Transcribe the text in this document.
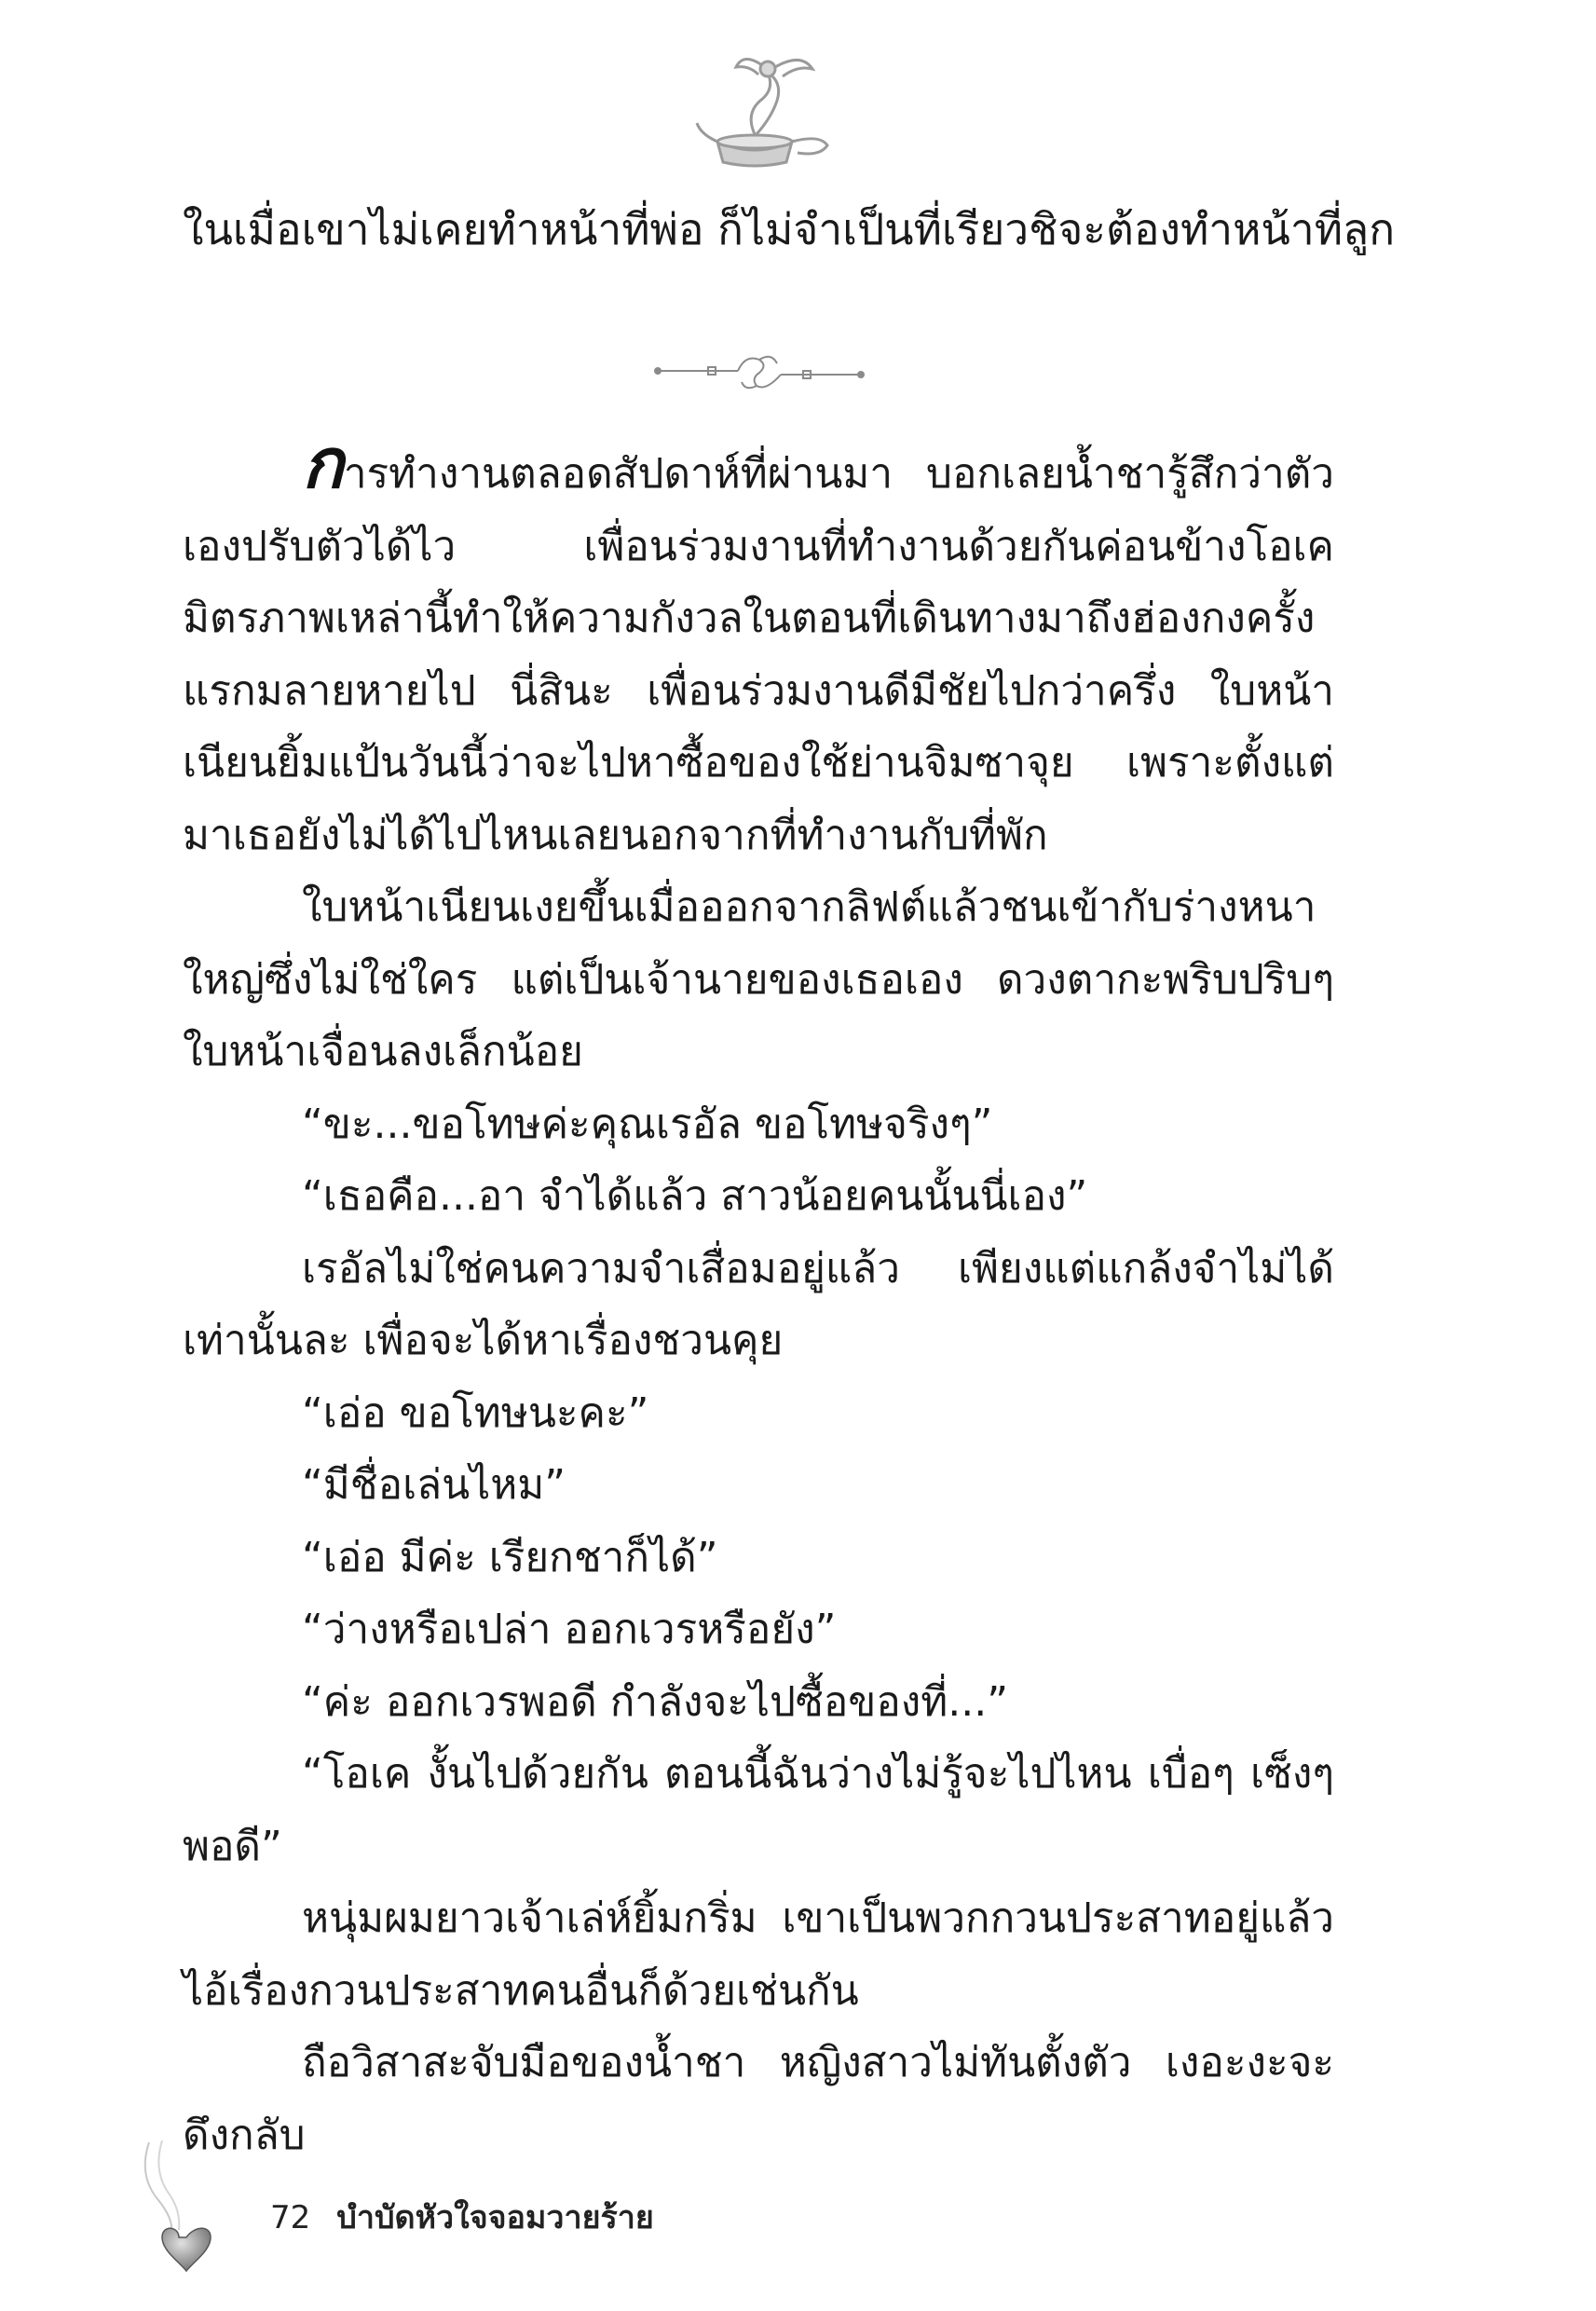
ในเมื่อเขาไม่เคยทำหน้าที่พ่อ ก็ไม่จำเป็นที่เรียวชิจะต้องทำหน้าที่ลูก

การทำงานตลอดสัปดาห์ที่ผ่านมา บอกเลยน้ำชารู้สึกว่าตัวเองปรับตัวได้ไว เพื่อนร่วมงานที่ทำงานด้วยกันค่อนข้างโอเค มิตรภาพเหล่านี้ทำให้ความกังวลในตอนที่เดินทางมาถึงฮ่องกงครั้งแรกมลายหายไป นี่สินะ เพื่อนร่วมงานดีมีชัยไปกว่าครึ่ง ใบหน้าเนียนยิ้มแป้นวันนี้ว่าจะไปหาซื้อของใช้ย่านจิมซาจุย เพราะตั้งแต่มาเธอยังไม่ได้ไปไหนเลยนอกจากที่ทำงานกับที่พัก

ใบหน้าเนียนเงยขึ้นเมื่อออกจากลิฟต์แล้วชนเข้ากับร่างหนาใหญ่ซึ่งไม่ใช่ใคร แต่เป็นเจ้านายของเธอเอง ดวงตากะพริบปริบๆ ใบหน้าเจื่อนลงเล็กน้อย

“ขะ...ขอโทษค่ะคุณเรอัล ขอโทษจริงๆ”

“เธอคือ...อา จำได้แล้ว สาวน้อยคนนั้นนี่เอง”

เรอัลไม่ใช่คนความจำเสื่อมอยู่แล้ว เพียงแต่แกล้งจำไม่ได้เท่านั้นละ เพื่อจะได้หาเรื่องชวนคุย

“เอ่อ ขอโทษนะคะ”

“มีชื่อเล่นไหม”

“เอ่อ มีค่ะ เรียกชาก็ได้”

“ว่างหรือเปล่า ออกเวรหรือยัง”

“ค่ะ ออกเวรพอดี กำลังจะไปซื้อของที่...”

“โอเค งั้นไปด้วยกัน ตอนนี้ฉันว่างไม่รู้จะไปไหน เบื่อๆ เซ็งๆ พอดี”

หนุ่มผมยาวเจ้าเล่ห์ยิ้มกริ่ม เขาเป็นพวกกวนประสาทอยู่แล้ว ไอ้เรื่องกวนประสาทคนอื่นก็ด้วยเช่นกัน

ถือวิสาสะจับมือของน้ำชา หญิงสาวไม่ทันตั้งตัว เงอะงะจะดึงกลับ

72 บำบัดหัวใจจอมวายร้าย
